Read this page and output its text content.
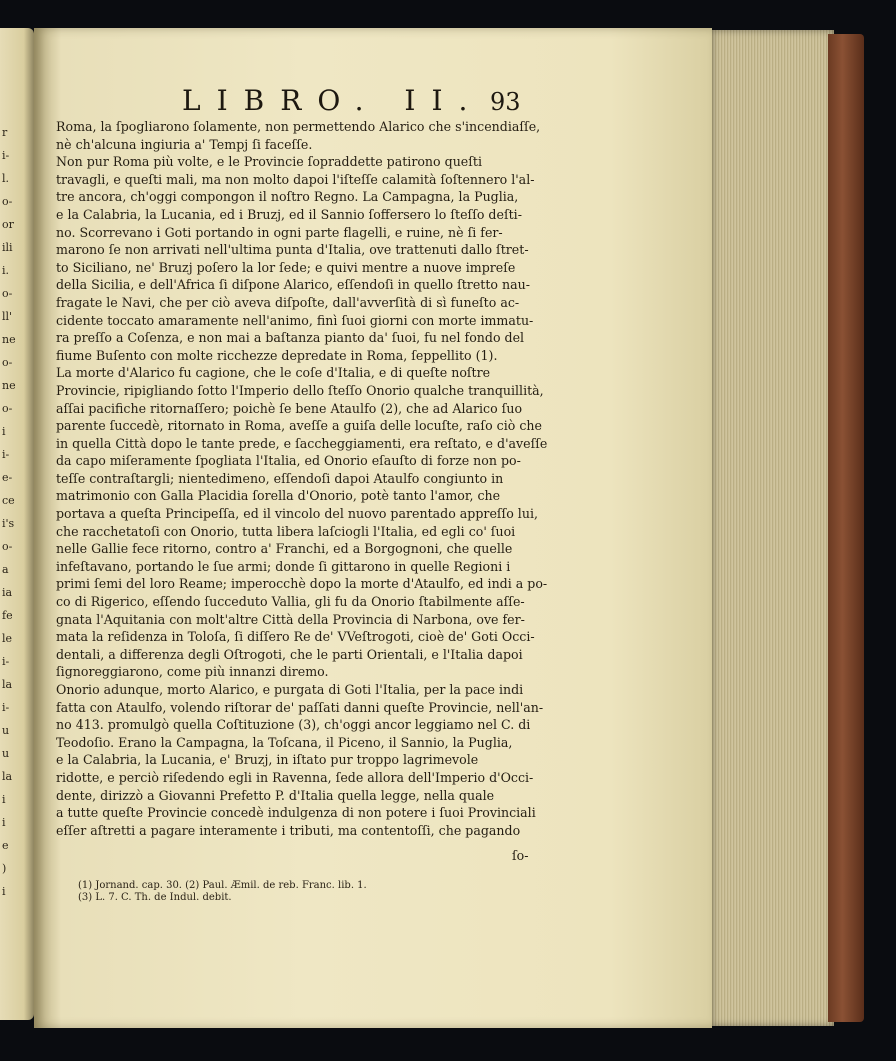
r
i-
l.
o-
or
ili
i.
o-
ll'
ne
o-
ne
o-
i
i-
e-
ce
i's
o-
a
ia
fe
le
i-
la
i-
u
u
la
i
i
e
)
i
LIBRO. II. 93
Roma, la ſpogliarono ſolamente, non permettendo Alarico che s'incendiaſſe,
nè ch'alcuna ingiuria a' Tempj ſi faceſſe.
Non pur Roma più volte, e le Provincie ſopraddette patirono queſti
travagli, e queſti mali, ma non molto dapoi l'iſteſſe calamità ſoſtennero l'al-
tre ancora, ch'oggi compongon il noſtro Regno. La Campagna, la Puglia,
e la Calabria, la Lucania, ed i Bruzj, ed il Sannio ſoffersero lo ſteſſo deſti-
no. Scorrevano i Goti portando in ogni parte flagelli, e ruine, nè ſi fer-
marono ſe non arrivati nell'ultima punta d'Italia, ove trattenuti dallo ſtret-
to Siciliano, ne' Bruzj poſero la lor ſede; e quivi mentre a nuove impreſe
della Sicilia, e dell'Africa ſi diſpone Alarico, eſſendoſi in quello ſtretto nau-
fragate le Navi, che per ciò aveva diſpoſte, dall'avverſità di sì funeſto ac-
cidente toccato amaramente nell'animo, finì ſuoi giorni con morte immatu-
ra preſſo a Coſenza, e non mai a baſtanza pianto da' ſuoi, fu nel fondo del
fiume Buſento con molte ricchezze depredate in Roma, ſeppellito (1).
La morte d'Alarico fu cagione, che le coſe d'Italia, e di queſte noſtre
Provincie, ripigliando ſotto l'Imperio dello ſteſſo Onorio qualche tranquillità,
aſſai pacifiche ritornaſſero; poichè ſe bene Ataulfo (2), che ad Alarico ſuo
parente ſuccedè, ritornato in Roma, aveſſe a guiſa delle locuſte, raſo ciò che
in quella Città dopo le tante prede, e ſaccheggiamenti, era reſtato, e d'aveſſe
da capo miſeramente ſpogliata l'Italia, ed Onorio eſauſto di forze non po-
teſſe contraſtargli; nientedimeno, eſſendoſi dapoi Ataulfo congiunto in
matrimonio con Galla Placidia ſorella d'Onorio, potè tanto l'amor, che
portava a queſta Principeſſa, ed il vincolo del nuovo parentado appreſſo lui,
che racchetatoſi con Onorio, tutta libera laſciogli l'Italia, ed egli co' ſuoi
nelle Gallie fece ritorno, contro a' Franchi, ed a Borgognoni, che quelle
infeſtavano, portando le ſue armi; donde ſi gittarono in quelle Regioni i
primi ſemi del loro Reame; imperocchè dopo la morte d'Ataulfo, ed indi a po-
co di Rigerico, eſſendo ſucceduto Vallia, gli fu da Onorio ſtabilmente aſſe-
gnata l'Aquitania con molt'altre Città della Provincia di Narbona, ove fer-
mata la reſidenza in Toloſa, ſi diſſero Re de' VVeſtrogoti, cioè de' Goti Occi-
dentali, a differenza degli Oſtrogoti, che le parti Orientali, e l'Italia dapoi
ſignoreggiarono, come più innanzi diremo.
Onorio adunque, morto Alarico, e purgata di Goti l'Italia, per la pace indi
fatta con Ataulfo, volendo riſtorar de' paſſati danni queſte Provincie, nell'an-
no 413. promulgò quella Coſtituzione (3), ch'oggi ancor leggiamo nel C. di
Teodoſio. Erano la Campagna, la Toſcana, il Piceno, il Sannio, la Puglia,
e la Calabria, la Lucania, e' Bruzj, in iſtato pur troppo lagrimevole
ridotte, e perciò riſedendo egli in Ravenna, ſede allora dell'Imperio d'Occi-
dente, dirizzò a Giovanni Prefetto P. d'Italia quella legge, nella quale
a tutte queſte Provincie concedè indulgenza di non potere i ſuoi Provinciali
eſſer aſtretti a pagare interamente i tributi, ma contentoſſi, che pagando
ſo-
(1) Jornand. cap. 30. (2) Paul. Æmil. de reb. Franc. lib. 1.
(3) L. 7. C. Th. de Indul. debit.
